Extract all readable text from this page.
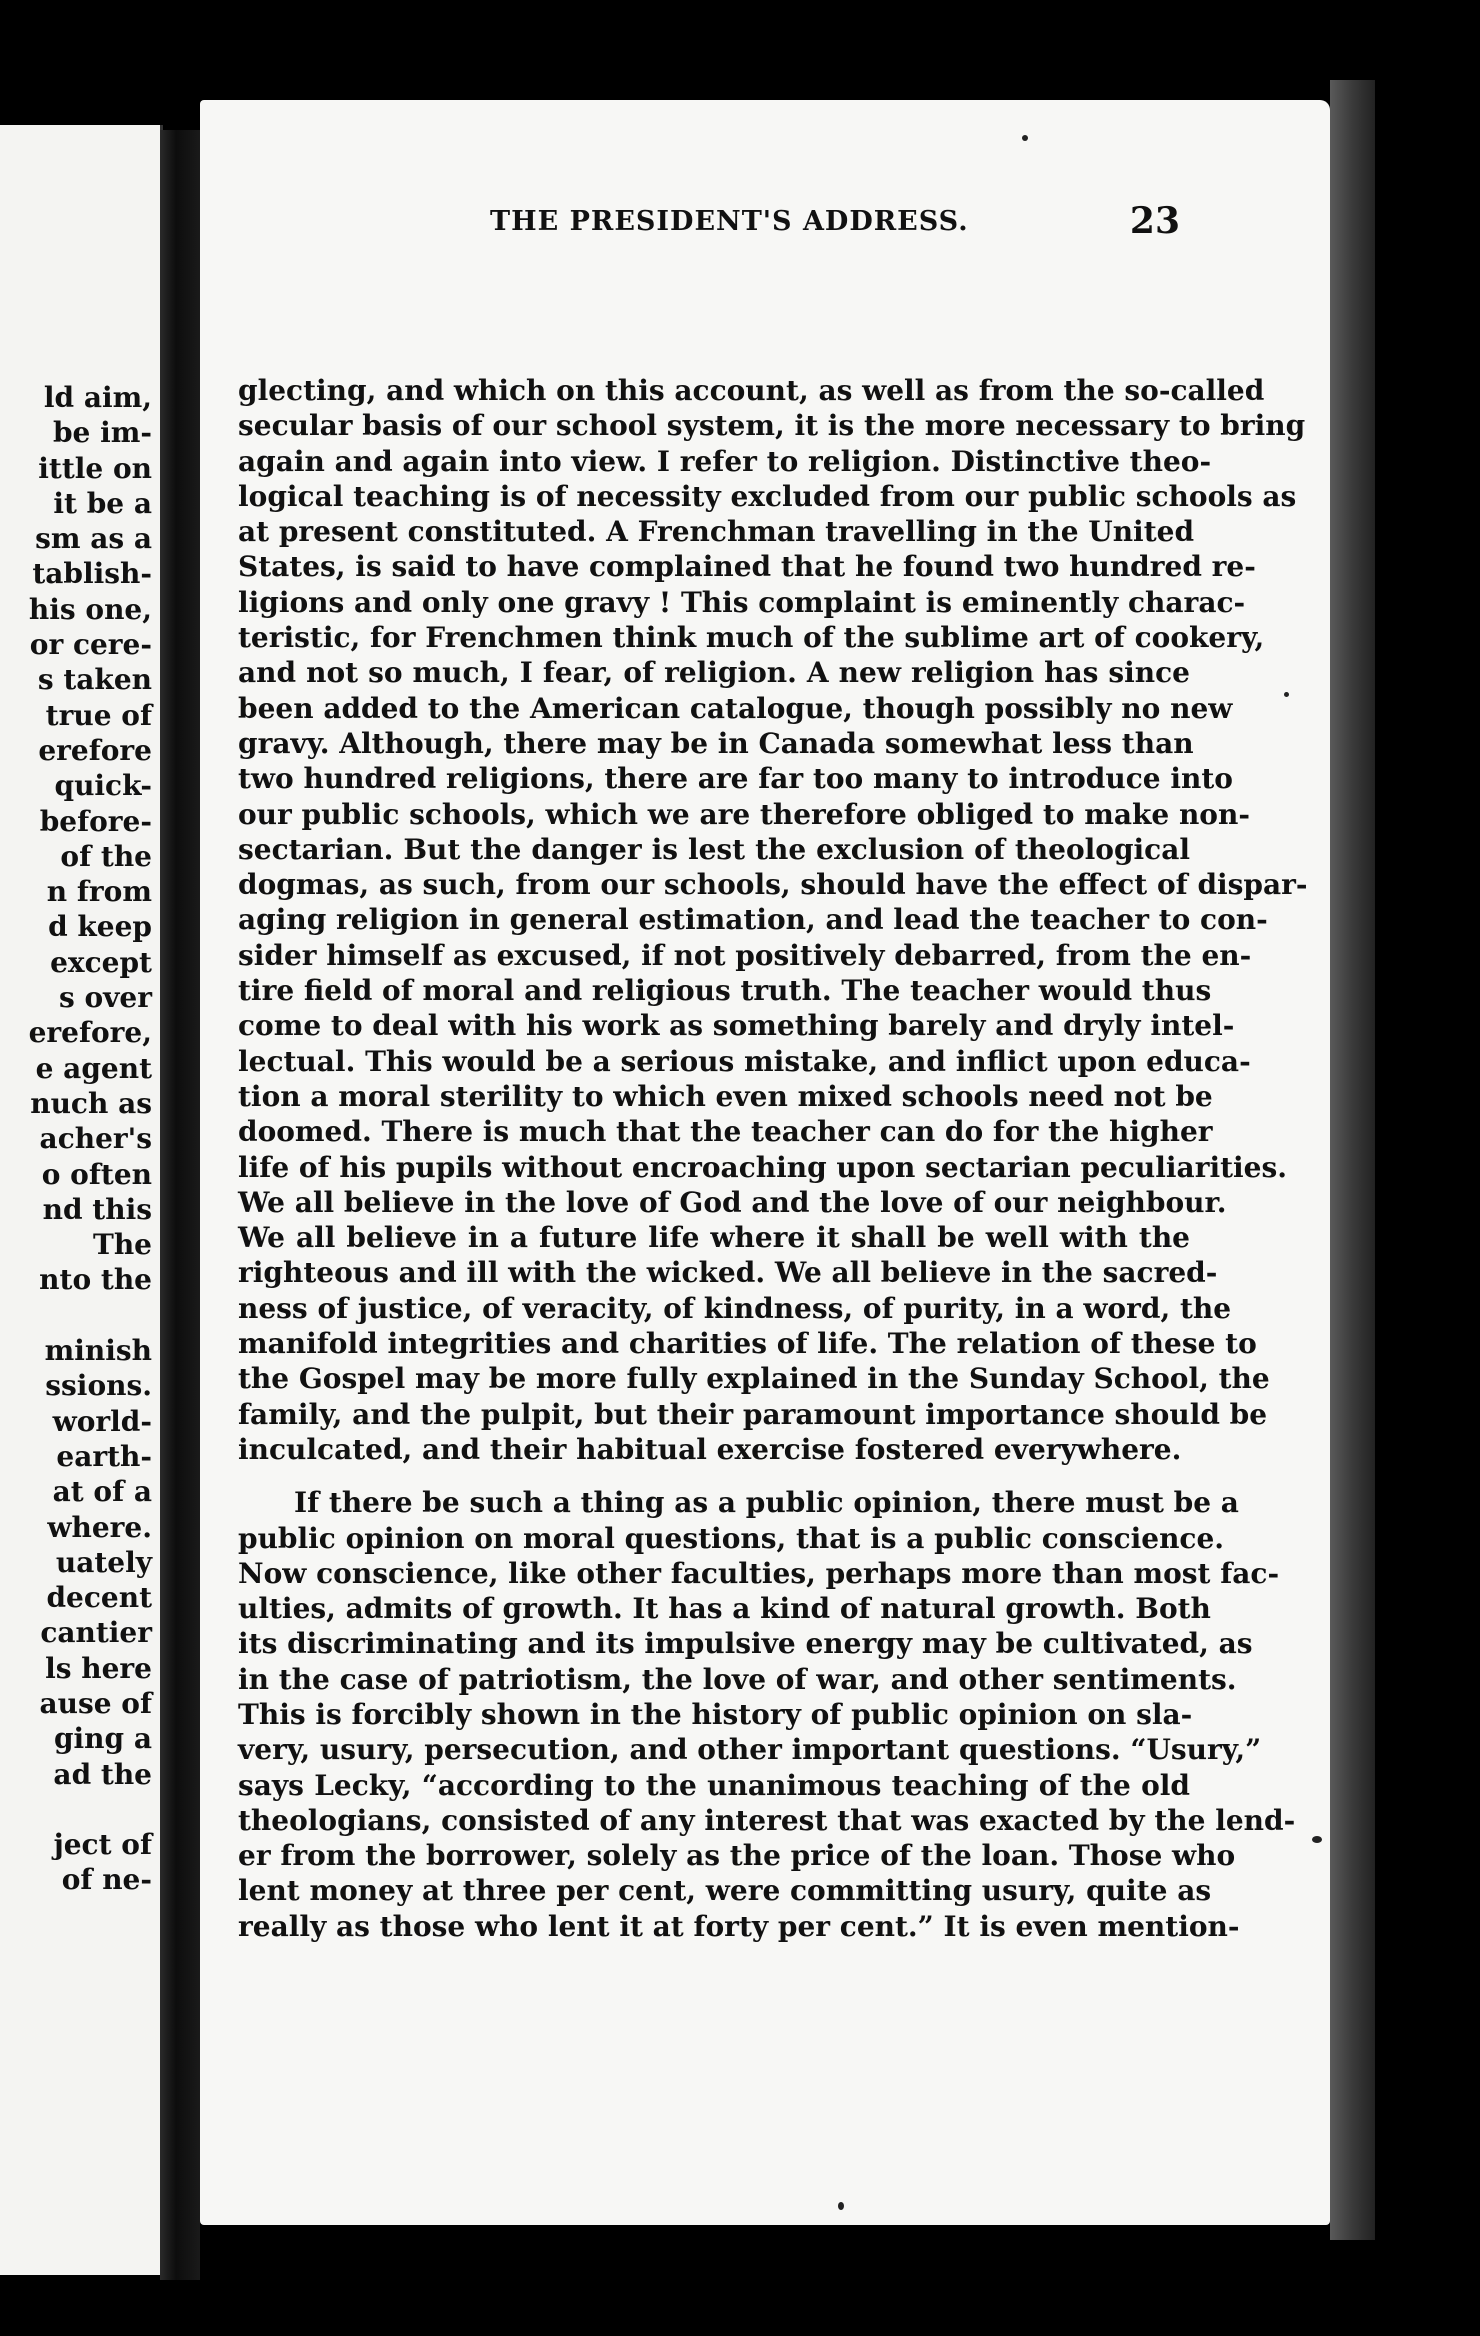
ld aim,
be im-
ittle on
it be a
sm as a
tablish-
his one,
or cere-
s taken
true of
erefore
quick-
before-
of the
n from
d keep
except
s over
erefore,
e agent
nuch as
acher's
o often
nd this
The
nto the
minish
ssions.
world-
earth-
at of a
where.
uately
decent
cantier
ls here
ause of
ging a
ad the
ject of
of ne-
THE PRESIDENT'S ADDRESS.	23
glecting, and which on this account, as well as from the so-called
secular basis of our school system, it is the more necessary to bring
again and again into view. I refer to religion. Distinctive theo-
logical teaching is of necessity excluded from our public schools as
at present constituted. A Frenchman travelling in the United
States, is said to have complained that he found two hundred re-
ligions and only one gravy ! This complaint is eminently charac-
teristic, for Frenchmen think much of the sublime art of cookery,
and not so much, I fear, of religion. A new religion has since
been added to the American catalogue, though possibly no new
gravy. Although, there may be in Canada somewhat less than
two hundred religions, there are far too many to introduce into
our public schools, which we are therefore obliged to make non-
sectarian. But the danger is lest the exclusion of theological
dogmas, as such, from our schools, should have the effect of dispar-
aging religion in general estimation, and lead the teacher to con-
sider himself as excused, if not positively debarred, from the en-
tire field of moral and religious truth. The teacher would thus
come to deal with his work as something barely and dryly intel-
lectual. This would be a serious mistake, and inflict upon educa-
tion a moral sterility to which even mixed schools need not be
doomed. There is much that the teacher can do for the higher
life of his pupils without encroaching upon sectarian peculiarities.
We all believe in the love of God and the love of our neighbour.
We all believe in a future life where it shall be well with the
righteous and ill with the wicked. We all believe in the sacred-
ness of justice, of veracity, of kindness, of purity, in a word, the
manifold integrities and charities of life. The relation of these to
the Gospel may be more fully explained in the Sunday School, the
family, and the pulpit, but their paramount importance should be
inculcated, and their habitual exercise fostered everywhere.
If there be such a thing as a public opinion, there must be a
public opinion on moral questions, that is a public conscience.
Now conscience, like other faculties, perhaps more than most fac-
ulties, admits of growth. It has a kind of natural growth. Both
its discriminating and its impulsive energy may be cultivated, as
in the case of patriotism, the love of war, and other sentiments.
This is forcibly shown in the history of public opinion on sla-
very, usury, persecution, and other important questions. “Usury,”
says Lecky, “according to the unanimous teaching of the old
theologians, consisted of any interest that was exacted by the lend-
er from the borrower, solely as the price of the loan. Those who
lent money at three per cent, were committing usury, quite as
really as those who lent it at forty per cent.” It is even mention-
